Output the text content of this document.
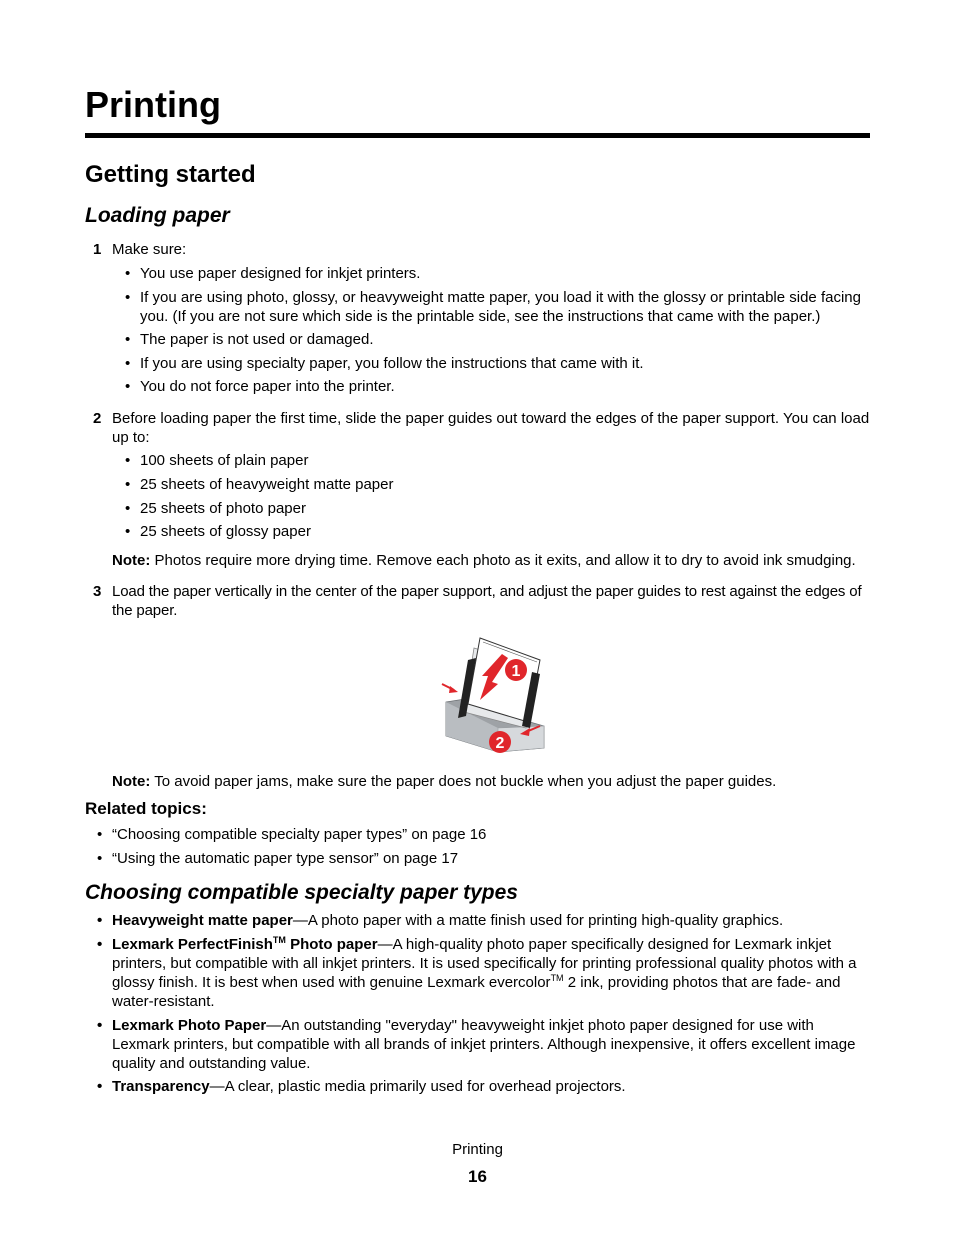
Printing
Getting started
Loading paper
1 Make sure:
• You use paper designed for inkjet printers.
• If you are using photo, glossy, or heavyweight matte paper, you load it with the glossy or printable side facing you. (If you are not sure which side is the printable side, see the instructions that came with the paper.)
• The paper is not used or damaged.
• If you are using specialty paper, you follow the instructions that came with it.
• You do not force paper into the printer.
2 Before loading paper the first time, slide the paper guides out toward the edges of the paper support. You can load up to:
• 100 sheets of plain paper
• 25 sheets of heavyweight matte paper
• 25 sheets of photo paper
• 25 sheets of glossy paper
Note: Photos require more drying time. Remove each photo as it exits, and allow it to dry to avoid ink smudging.
3 Load the paper vertically in the center of the paper support, and adjust the paper guides to rest against the edges of the paper.
Note: To avoid paper jams, make sure the paper does not buckle when you adjust the paper guides.
Related topics:
• “Choosing compatible specialty paper types” on page 16
• “Using the automatic paper type sensor” on page 17
Choosing compatible specialty paper types
• Heavyweight matte paper—A photo paper with a matte finish used for printing high-quality graphics.
• Lexmark PerfectFinish™ Photo paper—A high-quality photo paper specifically designed for Lexmark inkjet printers, but compatible with all inkjet printers. It is used specifically for printing professional quality photos with a glossy finish. It is best when used with genuine Lexmark evercolor™ 2 ink, providing photos that are fade- and water-resistant.
• Lexmark Photo Paper—An outstanding "everyday" heavyweight inkjet photo paper designed for use with Lexmark printers, but compatible with all brands of inkjet printers. Although inexpensive, it offers excellent image quality and outstanding value.
• Transparency—A clear, plastic media primarily used for overhead projectors.
Printing
16
1
2
